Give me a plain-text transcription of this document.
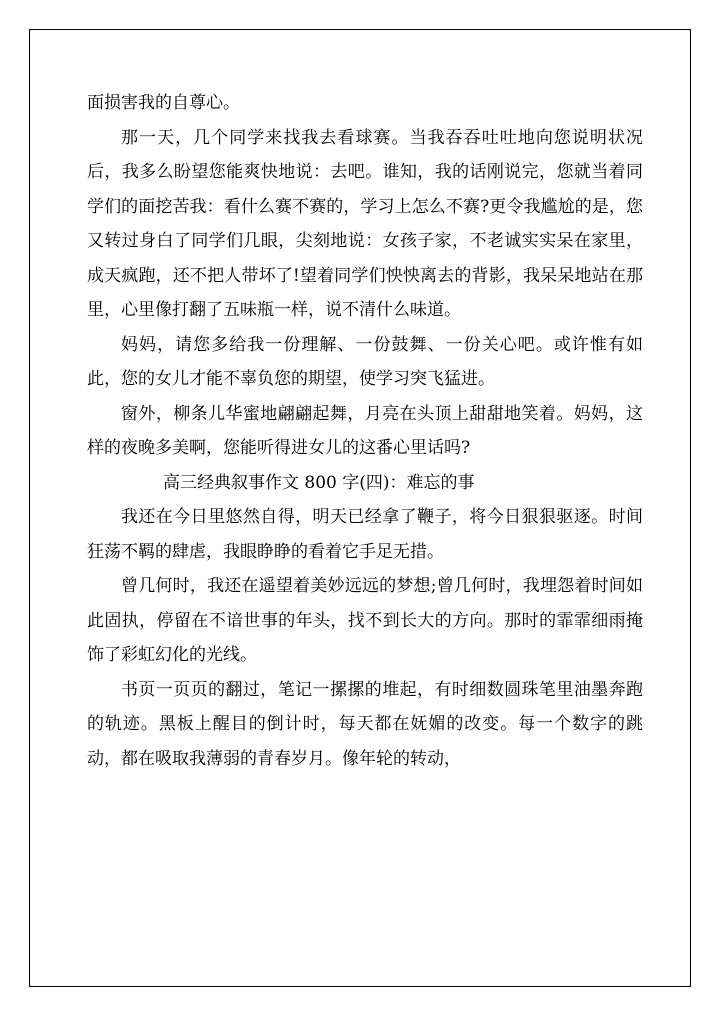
面损害我的自尊心。

那一天，几个同学来找我去看球赛。当我吞吞吐吐地向您说明状况后，我多么盼望您能爽快地说：去吧。谁知，我的话刚说完，您就当着同学们的面挖苦我：看什么赛不赛的，学习上怎么不赛?更令我尴尬的是，您又转过身白了同学们几眼，尖刻地说：女孩子家，不老诚实实呆在家里，成天疯跑，还不把人带坏了!望着同学们怏怏离去的背影，我呆呆地站在那里，心里像打翻了五味瓶一样，说不清什么味道。

妈妈，请您多给我一份理解、一份鼓舞、一份关心吧。或许惟有如此，您的女儿才能不辜负您的期望，使学习突飞猛进。

窗外，柳条儿华蜜地翩翩起舞，月亮在头顶上甜甜地笑着。妈妈，这样的夜晚多美啊，您能听得进女儿的这番心里话吗?

高三经典叙事作文 800 字(四)：难忘的事

我还在今日里悠然自得，明天已经拿了鞭子，将今日狠狠驱逐。时间狂荡不羁的肆虐，我眼睁睁的看着它手足无措。

曾几何时，我还在遥望着美妙远远的梦想;曾几何时，我埋怨着时间如此固执，停留在不谙世事的年头，找不到长大的方向。那时的霏霏细雨掩饰了彩虹幻化的光线。

书页一页页的翻过，笔记一摞摞的堆起，有时细数圆珠笔里油墨奔跑的轨迹。黑板上醒目的倒计时，每天都在妩媚的改变。每一个数字的跳动，都在吸取我薄弱的青春岁月。像年轮的转动，
